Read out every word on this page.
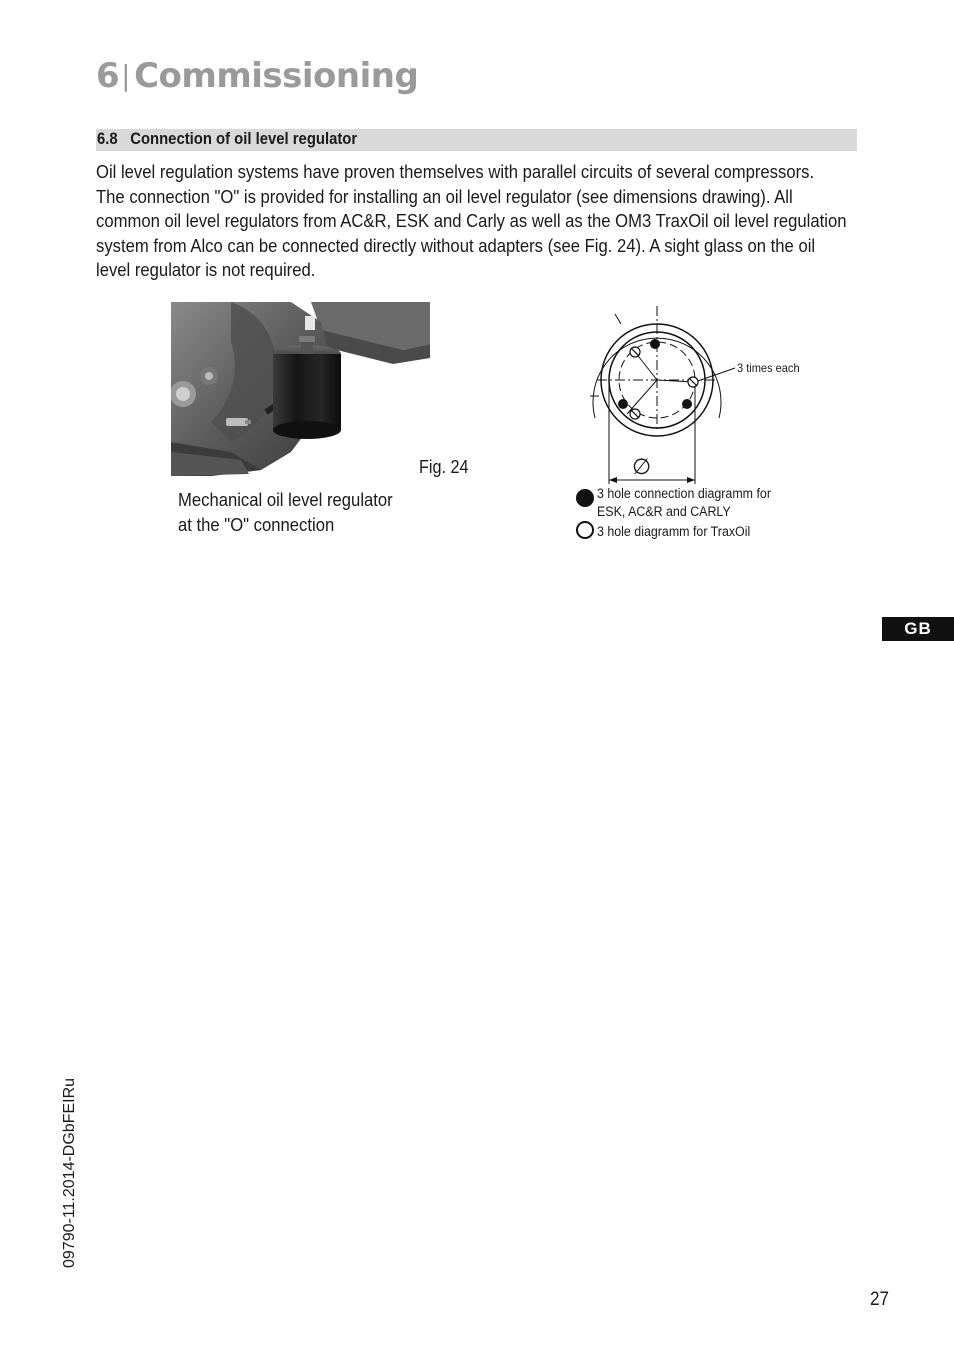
6| Commissioning
6.8 Connection of oil level regulator
Oil level regulation systems have proven themselves with parallel circuits of several compressors.
The connection "O" is provided for installing an oil level regulator (see dimensions drawing). All
common oil level regulators from AC&R, ESK and Carly as well as the OM3 TraxOil oil level regulation
system from Alco can be connected directly without adapters (see Fig. 24). A sight glass on the oil
level regulator is not required.
Fig. 24
Mechanical oil level regulator
at the "O" connection
∅
3 times each
3 hole connection diagramm for
ESK, AC&R and CARLY
3 hole diagramm for TraxOil
GB
09790-11.2014-DGbFEIRu
27
